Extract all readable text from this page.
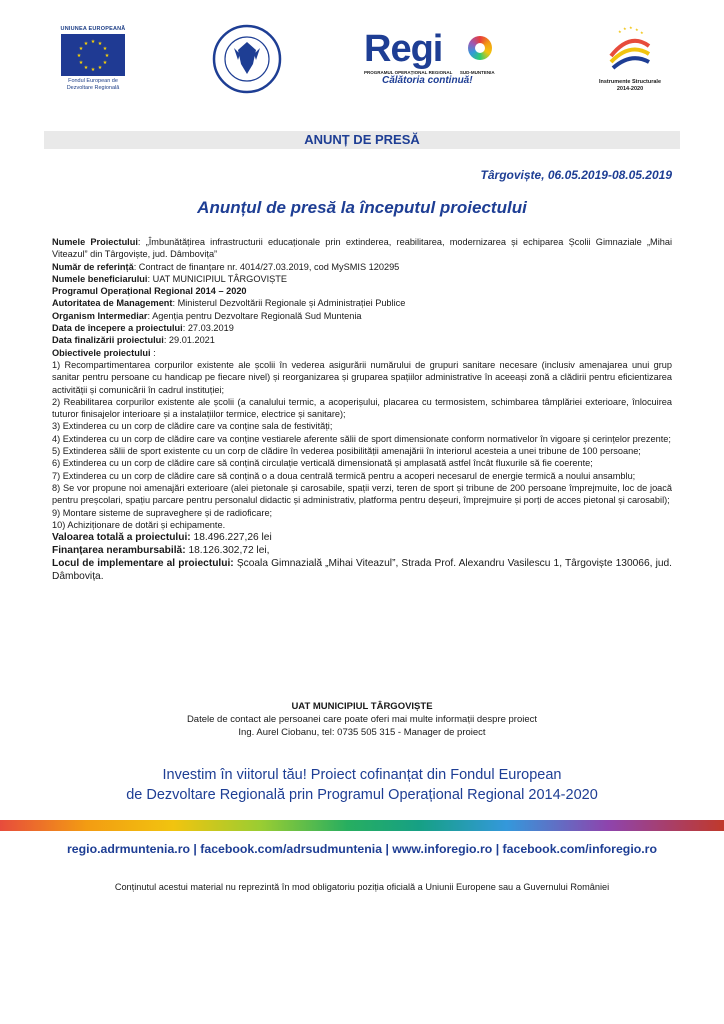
UNIUNEA EUROPEANĂ
★ ★
★
★
★
★
★
★
★
★
★
★
Fondul European de
Dezvoltare Regională
Regi
PROGRAMUL OPERAȚIONAL REGIONAL SUD-MUNTENIA
Călătoria continuă!
★ ★ ★
★	★
Instrumente Structurale
2014-2020
ANUNȚ DE PRESĂ
Târgoviște, 06.05.2019-08.05.2019
Anunțul de presă la începutul proiectului

Numele Proiectului: „Îmbunătățirea infrastructurii educaționale prin extinderea, reabilitarea, modernizarea și echiparea Școlii Gimnaziale „Mihai Viteazul” din Târgoviște, jud. Dâmbovița”

Număr de referință: Contract de finanțare nr. 4014/27.03.2019, cod MySMIS 120295

Numele beneficiarului: UAT MUNICIPIUL TÂRGOVIȘTE

Programul Operațional Regional 2014 – 2020

Autoritatea de Management: Ministerul Dezvoltării Regionale și Administrației Publice

Organism Intermediar: Agenția pentru Dezvoltare Regională Sud Muntenia

Data de începere a proiectului: 27.03.2019

Data finalizării proiectului: 29.01.2021

Obiectivele proiectului :

1) Recompartimentarea corpurilor existente ale școlii în vederea asigurării numărului de grupuri sanitare necesare (inclusiv amenajarea unui grup sanitar pentru persoane cu handicap pe fiecare nivel) și reorganizarea și gruparea spațiilor administrative în aceeași zonă a clădirii pentru eficientizarea activității și comunicării în cadrul instituției;

2) Reabilitarea corpurilor existente ale școlii (a canalului termic, a acoperișului, placarea cu termosistem, schimbarea tâmplăriei exterioare, înlocuirea tuturor finisajelor interioare și a instalațiilor termice, electrice și sanitare);

3) Extinderea cu un corp de clădire care va conține sala de festivități;

4) Extinderea cu un corp de clădire care va conține vestiarele aferente sălii de sport dimensionate conform normativelor în vigoare și cerințelor prezente;

5) Extinderea sălii de sport existente cu un corp de clădire în vederea posibilității amenajării în interiorul acesteia a unei tribune de 100 persoane;

6) Extinderea cu un corp de clădire care să conțină circulație verticală dimensionată și amplasată astfel încât fluxurile să fie coerente;

7) Extinderea cu un corp de clădire care să conțină o a doua centrală termică pentru a acoperi necesarul de energie termică a noului ansamblu;

8) Se vor propune noi amenajări exterioare (alei pietonale și carosabile, spații verzi, teren de sport și tribune de 200 persoane împrejmuite, loc de joacă pentru preșcolari, spațiu parcare pentru personalul didactic și administrativ, platforma pentru deșeuri, împrejmuire și porți de acces pietonal și carosabil);

9) Montare sisteme de supraveghere și de radioficare;

10) Achiziționare de dotări și echipamente.

Valoarea totală a proiectului: 18.496.227,26 lei

Finanțarea nerambursabilă: 18.126.302,72 lei,

Locul de implementare al proiectului: Școala Gimnazială „Mihai Viteazul”, Strada Prof. Alexandru Vasilescu 1, Târgoviște 130066, jud. Dâmbovița.

UAT MUNICIPIUL TÂRGOVIȘTE
Datele de contact ale persoanei care poate oferi mai multe informații despre proiect
Ing. Aurel Ciobanu, tel: 0735 505 315 - Manager de proiect
Investim în viitorul tău! Proiect cofinanțat din Fondul European
de Dezvoltare Regională prin Programul Operațional Regional 2014-2020
regio.adrmuntenia.ro | facebook.com/adrsudmuntenia | www.inforegio.ro | facebook.com/inforegio.ro
Conținutul acestui material nu reprezintă în mod obligatoriu poziția oficială a Uniunii Europene sau a Guvernului României
